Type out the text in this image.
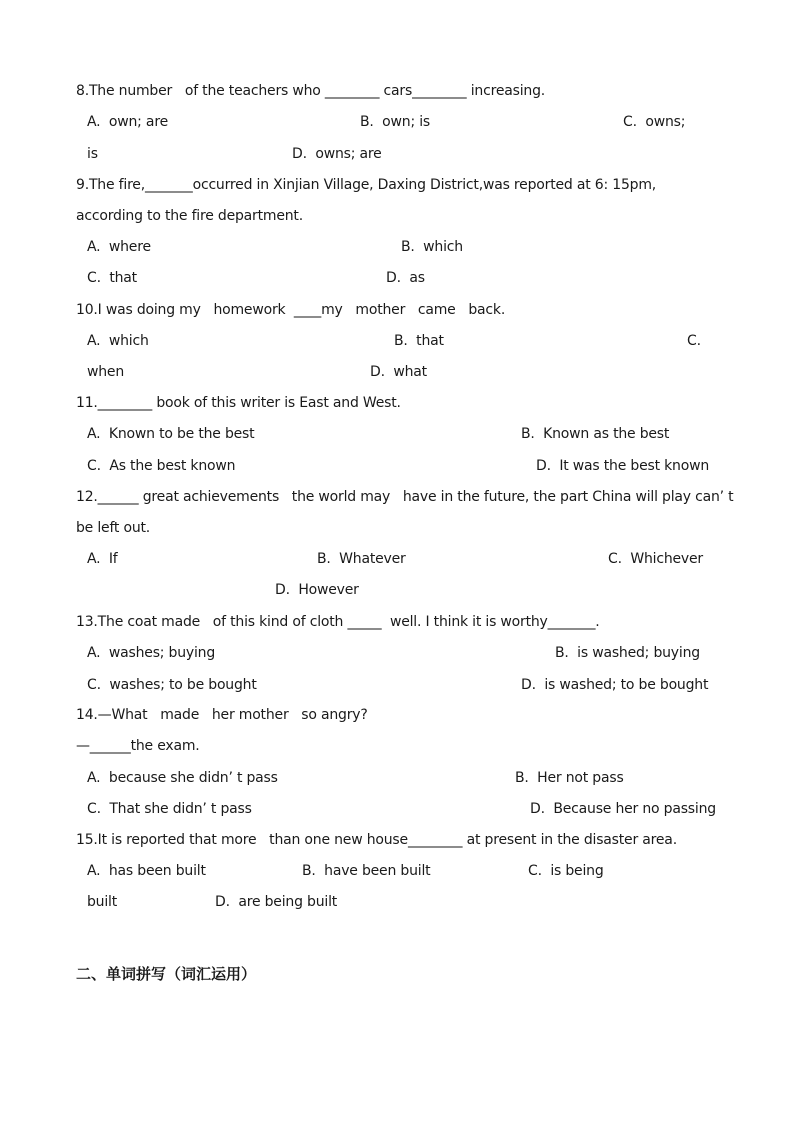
8.The number   of the teachers who ________ cars________ increasing.
A.  own; are	B.  own; is	C.  owns;
is	D.  owns; are
9.The fire,_______occurred in Xinjian Village, Daxing District,was reported at 6: 15pm,
according to the fire department.
A.  where	B.  which
C.  that	D.  as
10.I was doing my   homework  ____my   mother   came   back.
A.  which	B.  that	C.
when	D.  what
11.________ book of this writer is East and West.
A.  Known to be the best	B.  Known as the best
C.  As the best known	D.  It was the best known
12.______ great achievements   the world may   have in the future, the part China will play can’ t
be left out.
A.  If	B.  Whatever	C.  Whichever
D.  However
13.The coat made   of this kind of cloth _____  well. I think it is worthy_______.
A.  washes; buying	B.  is washed; buying
C.  washes; to be bought	D.  is washed; to be bought
14.—What   made   her mother   so angry?
—______the exam.
A.  because she didn’ t pass	B.  Her not pass
C.  That she didn’ t pass	D.  Because her no passing
15.It is reported that more   than one new house________ at present in the disaster area.
A.  has been built	B.  have been built	C.  is being
built	D.  are being built
二、单词拼写（词汇运用）
